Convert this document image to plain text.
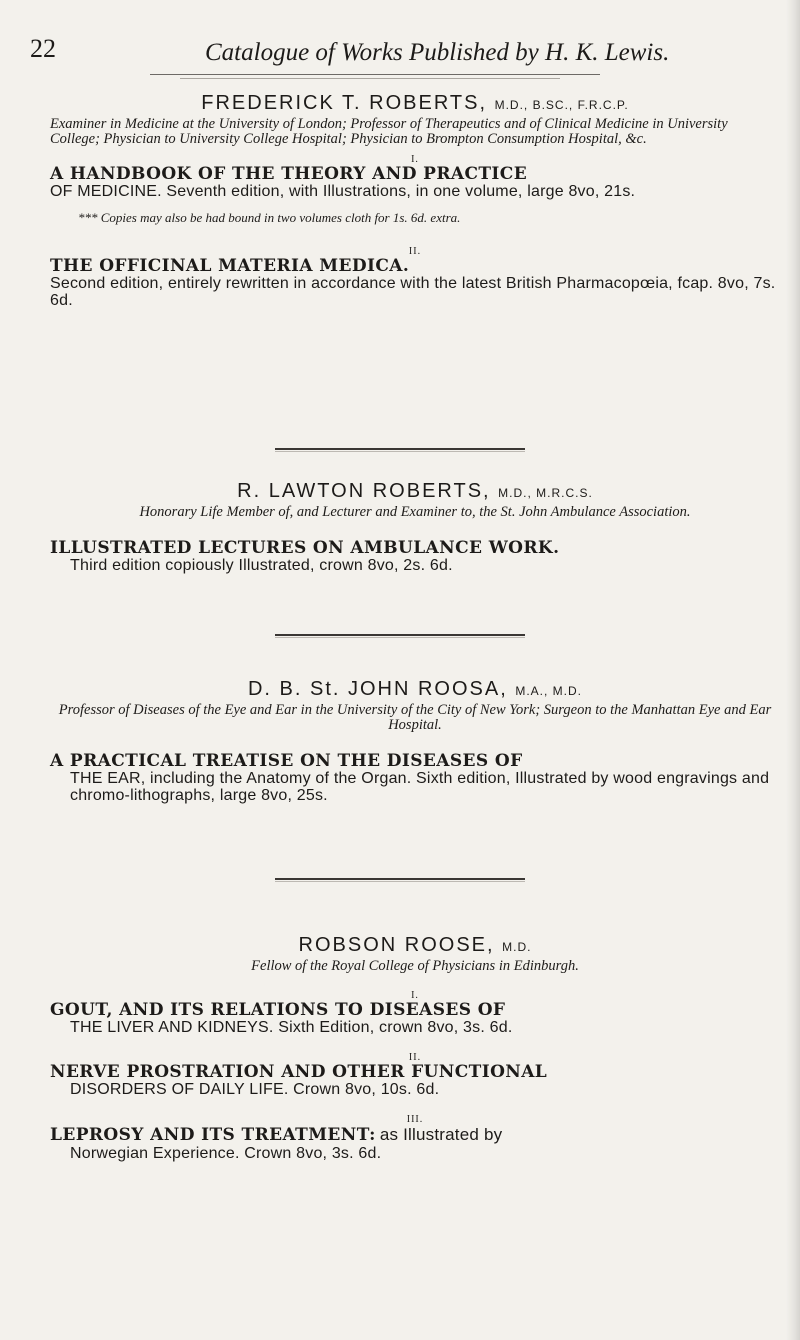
22	Catalogue of Works Published by H. K. Lewis.
FREDERICK T. ROBERTS, M.D., B.SC., F.R.C.P.
Examiner in Medicine at the University of London; Professor of Therapeutics and of Clinical Medicine in University College; Physician to University College Hospital; Physician to Brompton Consumption Hospital, &c.
I.
A HANDBOOK OF THE THEORY AND PRACTICE
OF MEDICINE. Seventh edition, with Illustrations, in one volume, large 8vo, 21s.
*** Copies may also be had bound in two volumes cloth for 1s. 6d. extra.
II.
THE OFFICINAL MATERIA MEDICA.
Second edition, entirely rewritten in accordance with the latest British Pharmacopœia, fcap. 8vo, 7s. 6d.
R. LAWTON ROBERTS, M.D., M.R.C.S.
Honorary Life Member of, and Lecturer and Examiner to, the St. John Ambulance Association.
ILLUSTRATED LECTURES ON AMBULANCE WORK.
Third edition copiously Illustrated, crown 8vo, 2s. 6d.
D. B. St. JOHN ROOSA, M.A., M.D.
Professor of Diseases of the Eye and Ear in the University of the City of New York; Surgeon to the Manhattan Eye and Ear Hospital.
A PRACTICAL TREATISE ON THE DISEASES OF
THE EAR, including the Anatomy of the Organ. Sixth edition, Illustrated by wood engravings and chromo-lithographs, large 8vo, 25s.
ROBSON ROOSE, M.D.
Fellow of the Royal College of Physicians in Edinburgh.
I.
GOUT, AND ITS RELATIONS TO DISEASES OF
THE LIVER AND KIDNEYS. Sixth Edition, crown 8vo, 3s. 6d.
II.
NERVE PROSTRATION AND OTHER FUNCTIONAL
DISORDERS OF DAILY LIFE. Crown 8vo, 10s. 6d.
III.
LEPROSY AND ITS TREATMENT: as Illustrated by
Norwegian Experience. Crown 8vo, 3s. 6d.
